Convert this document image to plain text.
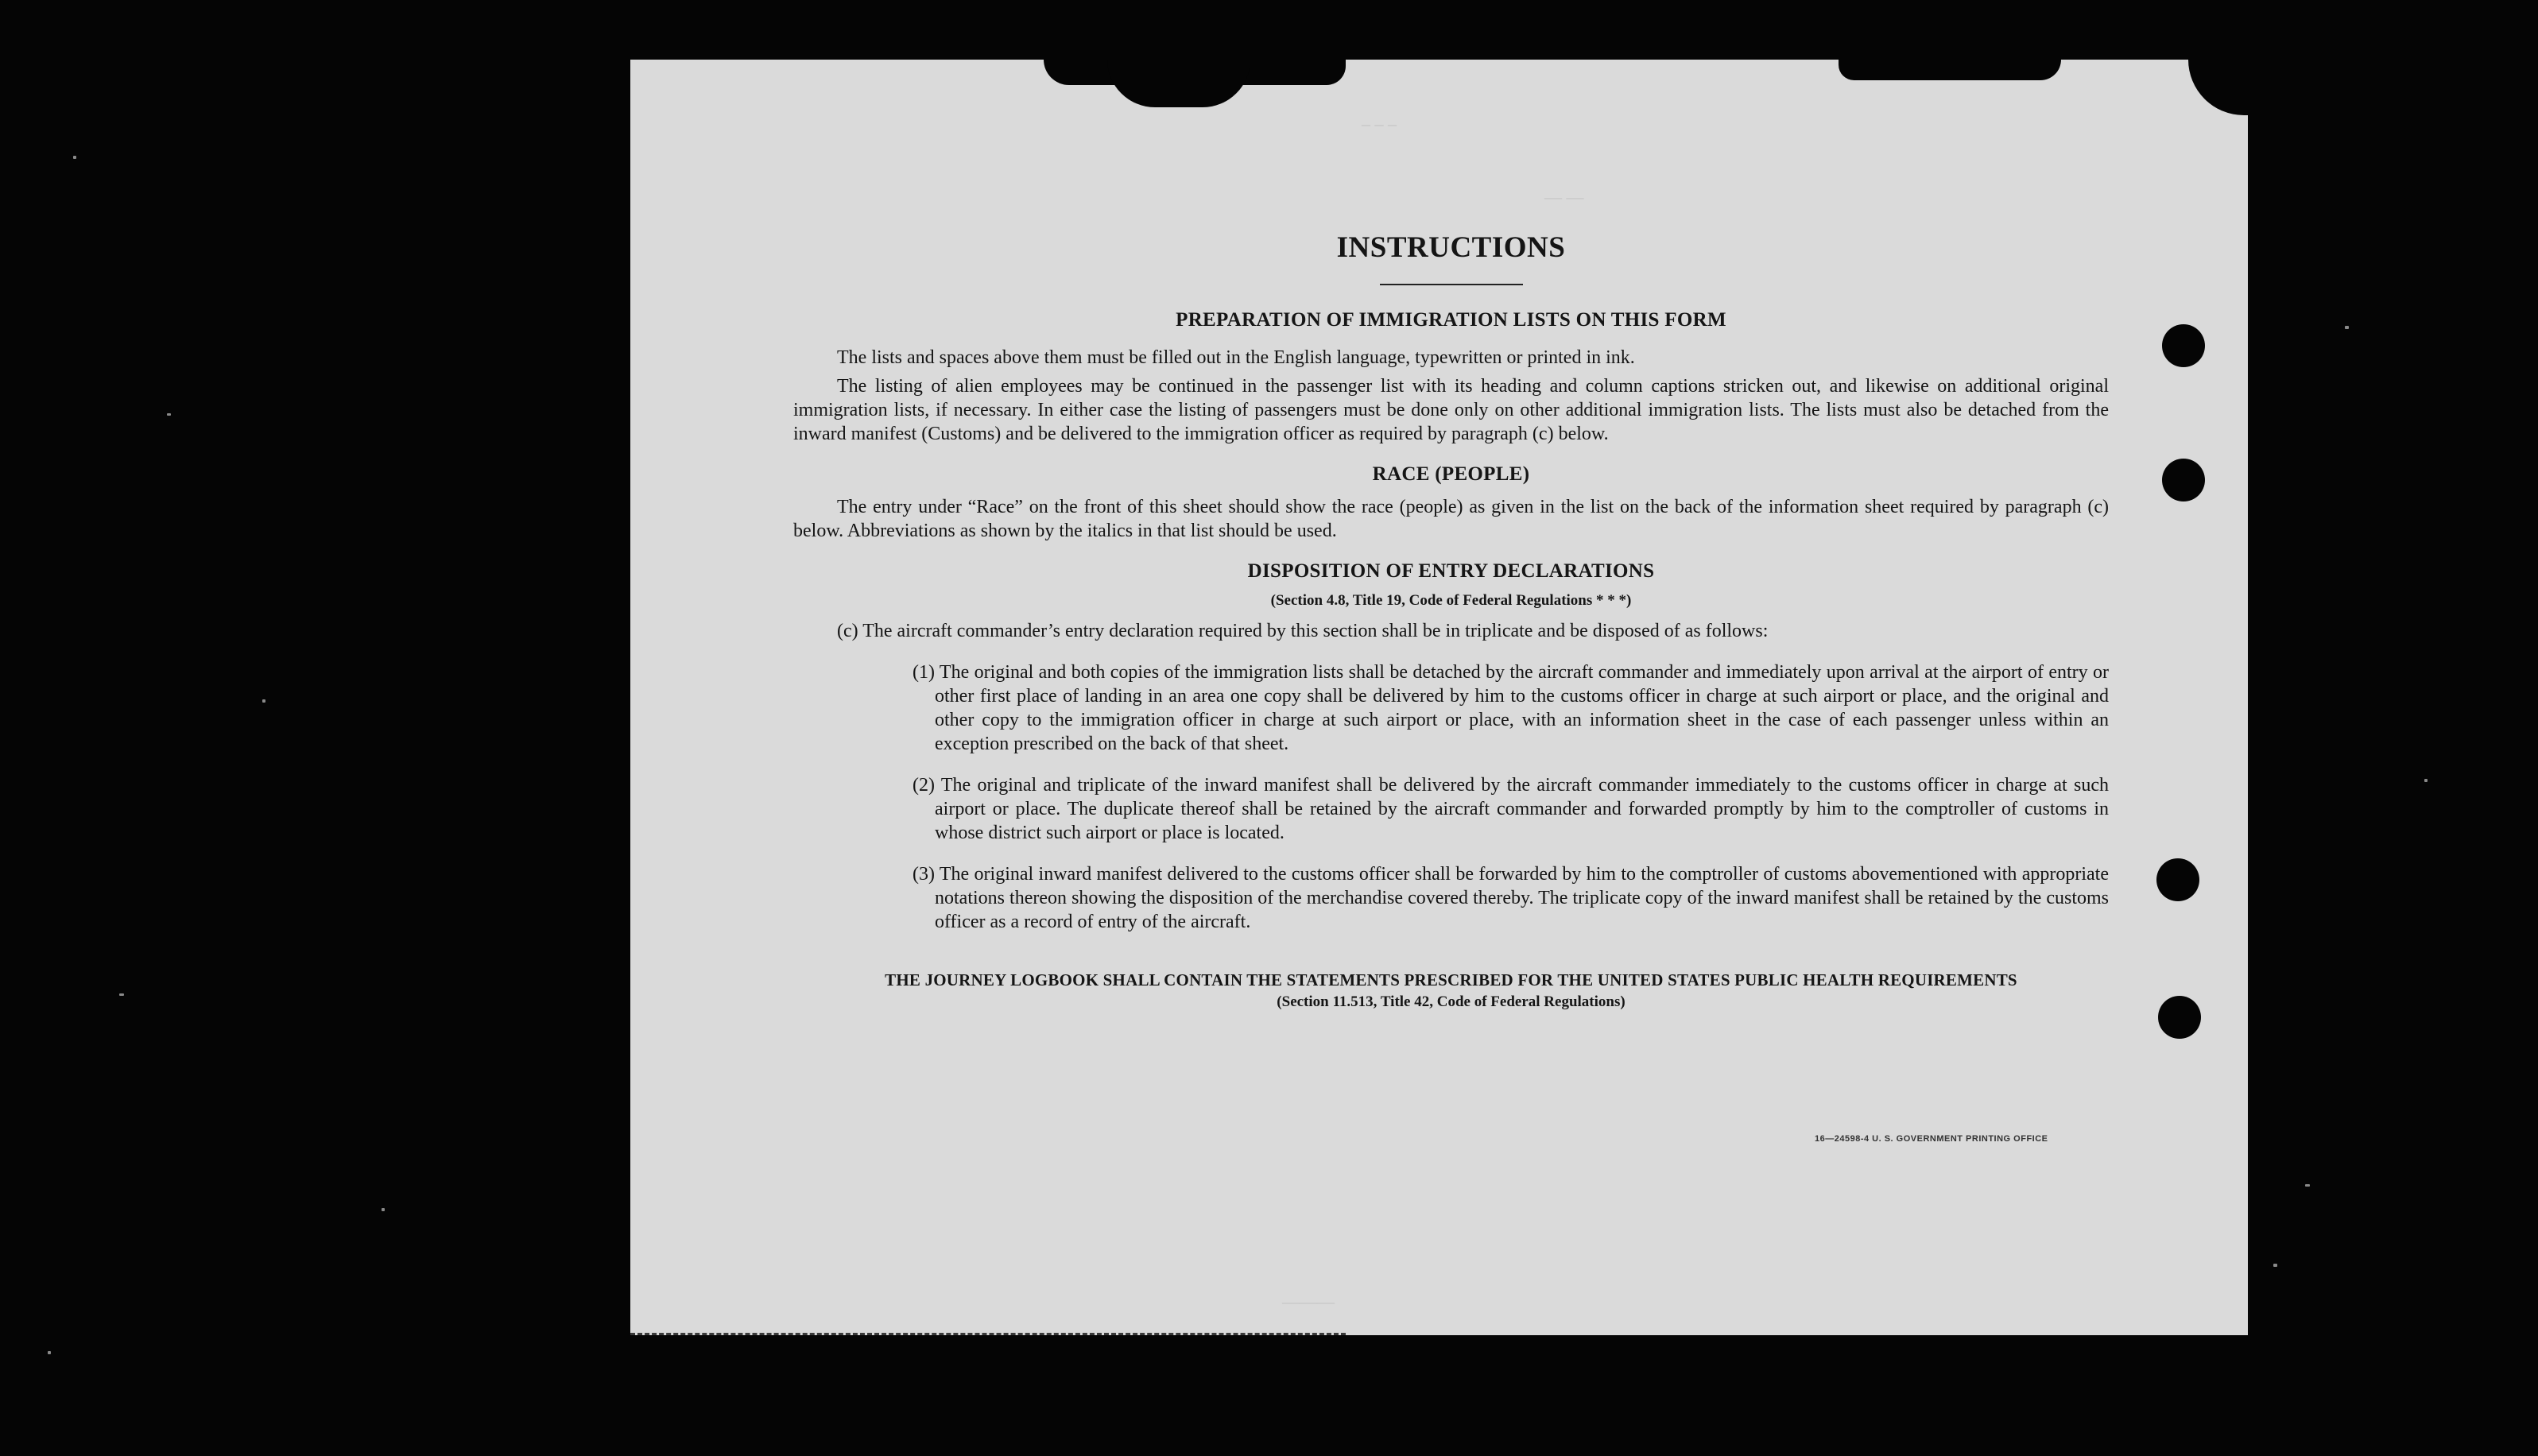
– – –
— —
———
INSTRUCTIONS
PREPARATION OF IMMIGRATION LISTS ON THIS FORM

The lists and spaces above them must be filled out in the English language, typewritten or printed in ink.

The listing of alien employees may be continued in the passenger list with its heading and column captions stricken out, and likewise on additional original immigration lists, if necessary. In either case the listing of passengers must be done only on other additional immigration lists. The lists must also be detached from the inward manifest (Customs) and be delivered to the immigration officer as required by paragraph (c) below.

RACE (PEOPLE)

The entry under “Race” on the front of this sheet should show the race (people) as given in the list on the back of the information sheet required by paragraph (c) below. Abbreviations as shown by the italics in that list should be used.

DISPOSITION OF ENTRY DECLARATIONS
(Section 4.8, Title 19, Code of Federal Regulations * * *)

(c) The aircraft commander’s entry declaration required by this section shall be in triplicate and be disposed of as follows:

(1) The original and both copies of the immigration lists shall be detached by the aircraft commander and immediately upon arrival at the airport of entry or other first place of landing in an area one copy shall be delivered by him to the customs officer in charge at such airport or place, and the original and other copy to the immigration officer in charge at such airport or place, with an information sheet in the case of each passenger unless within an exception prescribed on the back of that sheet.

(2) The original and triplicate of the inward manifest shall be delivered by the aircraft commander immediately to the customs officer in charge at such airport or place. The duplicate thereof shall be retained by the aircraft commander and forwarded promptly by him to the comptroller of customs in whose district such airport or place is located.

(3) The original inward manifest delivered to the customs officer shall be forwarded by him to the comptroller of customs abovementioned with appropriate notations thereon showing the disposition of the merchandise covered thereby. The triplicate copy of the inward manifest shall be retained by the customs officer as a record of entry of the aircraft.

THE JOURNEY LOGBOOK SHALL CONTAIN THE STATEMENTS PRESCRIBED FOR THE UNITED STATES PUBLIC HEALTH REQUIREMENTS
(Section 11.513, Title 42, Code of Federal Regulations)
16—24598-4 U. S. GOVERNMENT PRINTING OFFICE
